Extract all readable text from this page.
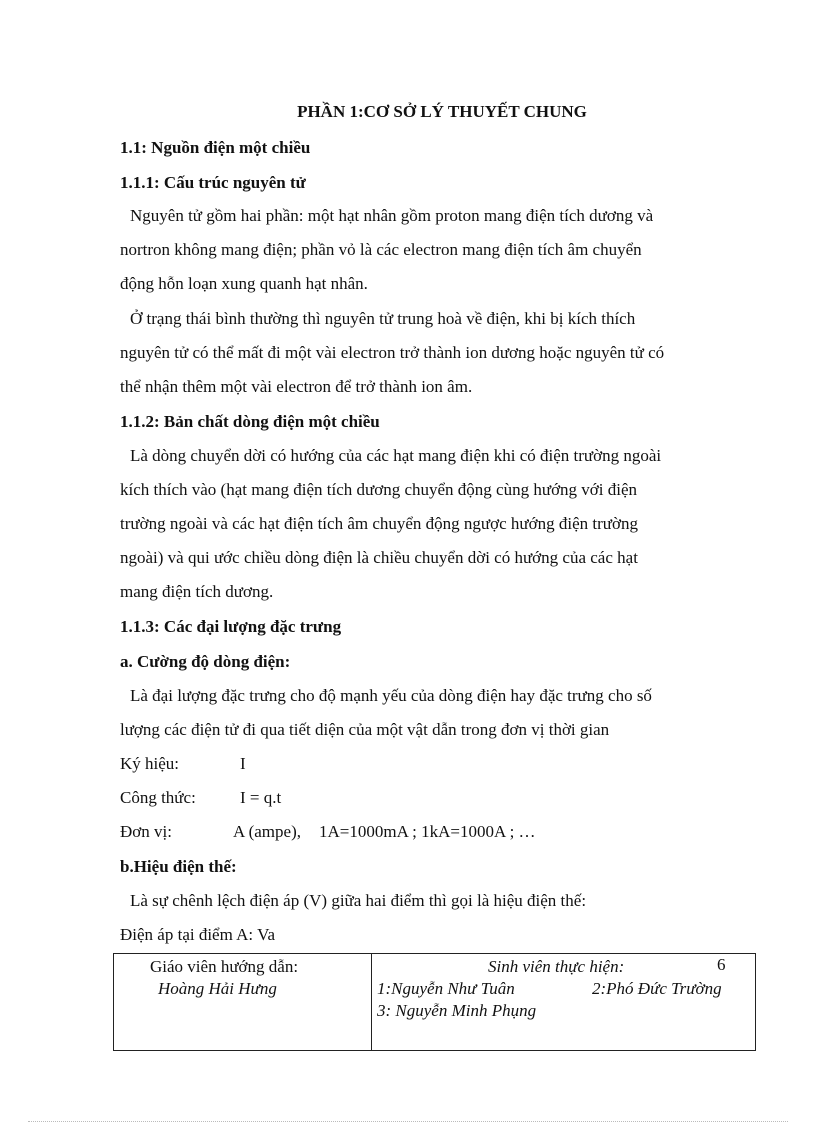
PHẦN 1:CƠ SỞ LÝ THUYẾT CHUNG
1.1: Nguồn điện một chiều
1.1.1: Cấu trúc nguyên tử
Nguyên tử gồm hai phần: một hạt nhân gồm proton mang điện tích dương và
nortron không mang điện; phần vỏ là các electron mang điện tích âm chuyển
động hỗn loạn xung quanh hạt nhân.
Ở trạng thái bình thường thì nguyên tử trung hoà về điện, khi bị kích thích
nguyên tử có thể mất đi một vài electron trở thành ion dương hoặc nguyên tử có
thể nhận thêm một vài electron để trở thành ion âm.
1.1.2: Bản chất dòng điện một chiều
Là dòng chuyển dời có hướng của các hạt mang điện khi có điện trường ngoài
kích thích vào (hạt mang điện tích dương chuyển động cùng hướng với điện
trường ngoài và các hạt điện tích âm chuyển động ngược hướng điện trường
ngoài) và qui ước chiều dòng điện là chiều chuyển dời có hướng của các hạt
mang điện tích dương.
1.1.3: Các đại lượng đặc trưng
a. Cường độ dòng điện:
Là đại lượng đặc trưng cho độ mạnh yếu của dòng điện hay đặc trưng cho số
lượng các điện tử đi qua tiết diện của một vật dẫn trong đơn vị thời gian
Ký hiệu:	I
Công thức:	I = q.t
Đơn vị:	A (ampe), 1A=1000mA ; 1kA=1000A ; …
b.Hiệu điện thế:
Là sự chênh lệch điện áp (V) giữa hai điểm thì gọi là hiệu điện thế:
Điện áp tại điểm A: Va
Giáo viên hướng dẫn:
Hoàng Hải Hưng
Sinh viên thực hiện:	6
1:Nguyễn Như Tuân	2:Phó Đức Trường
3: Nguyễn Minh Phụng
